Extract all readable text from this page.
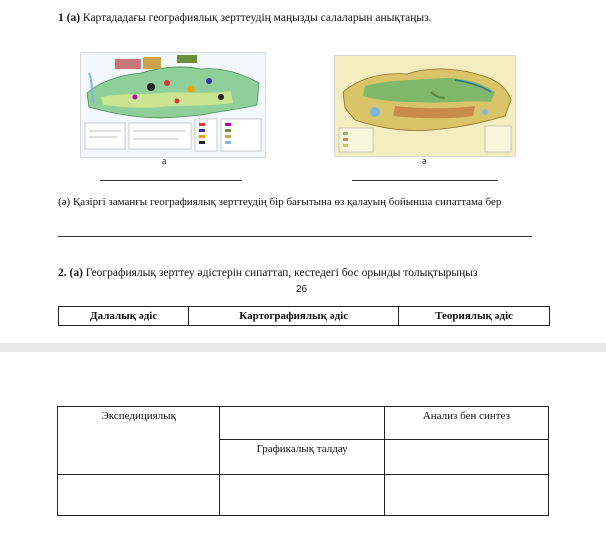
1 (а) Картададағы географиялық зерттеудің маңызды салаларын анықтаңыз.
а	ә
(ә) Қазіргі заманғы географиялық зерттеудің бір бағытына өз қалауың бойынша сипаттама бер
2. (а) Географиялық зерттеу әдістерін сипаттап, кестедегі бос орынды толықтырыңыз
26
Далалық әдіс	Картографиялық әдіс	Теориялық әдіс
Экспедициялық		Анализ бен синтез

	Графикалық талдау	
